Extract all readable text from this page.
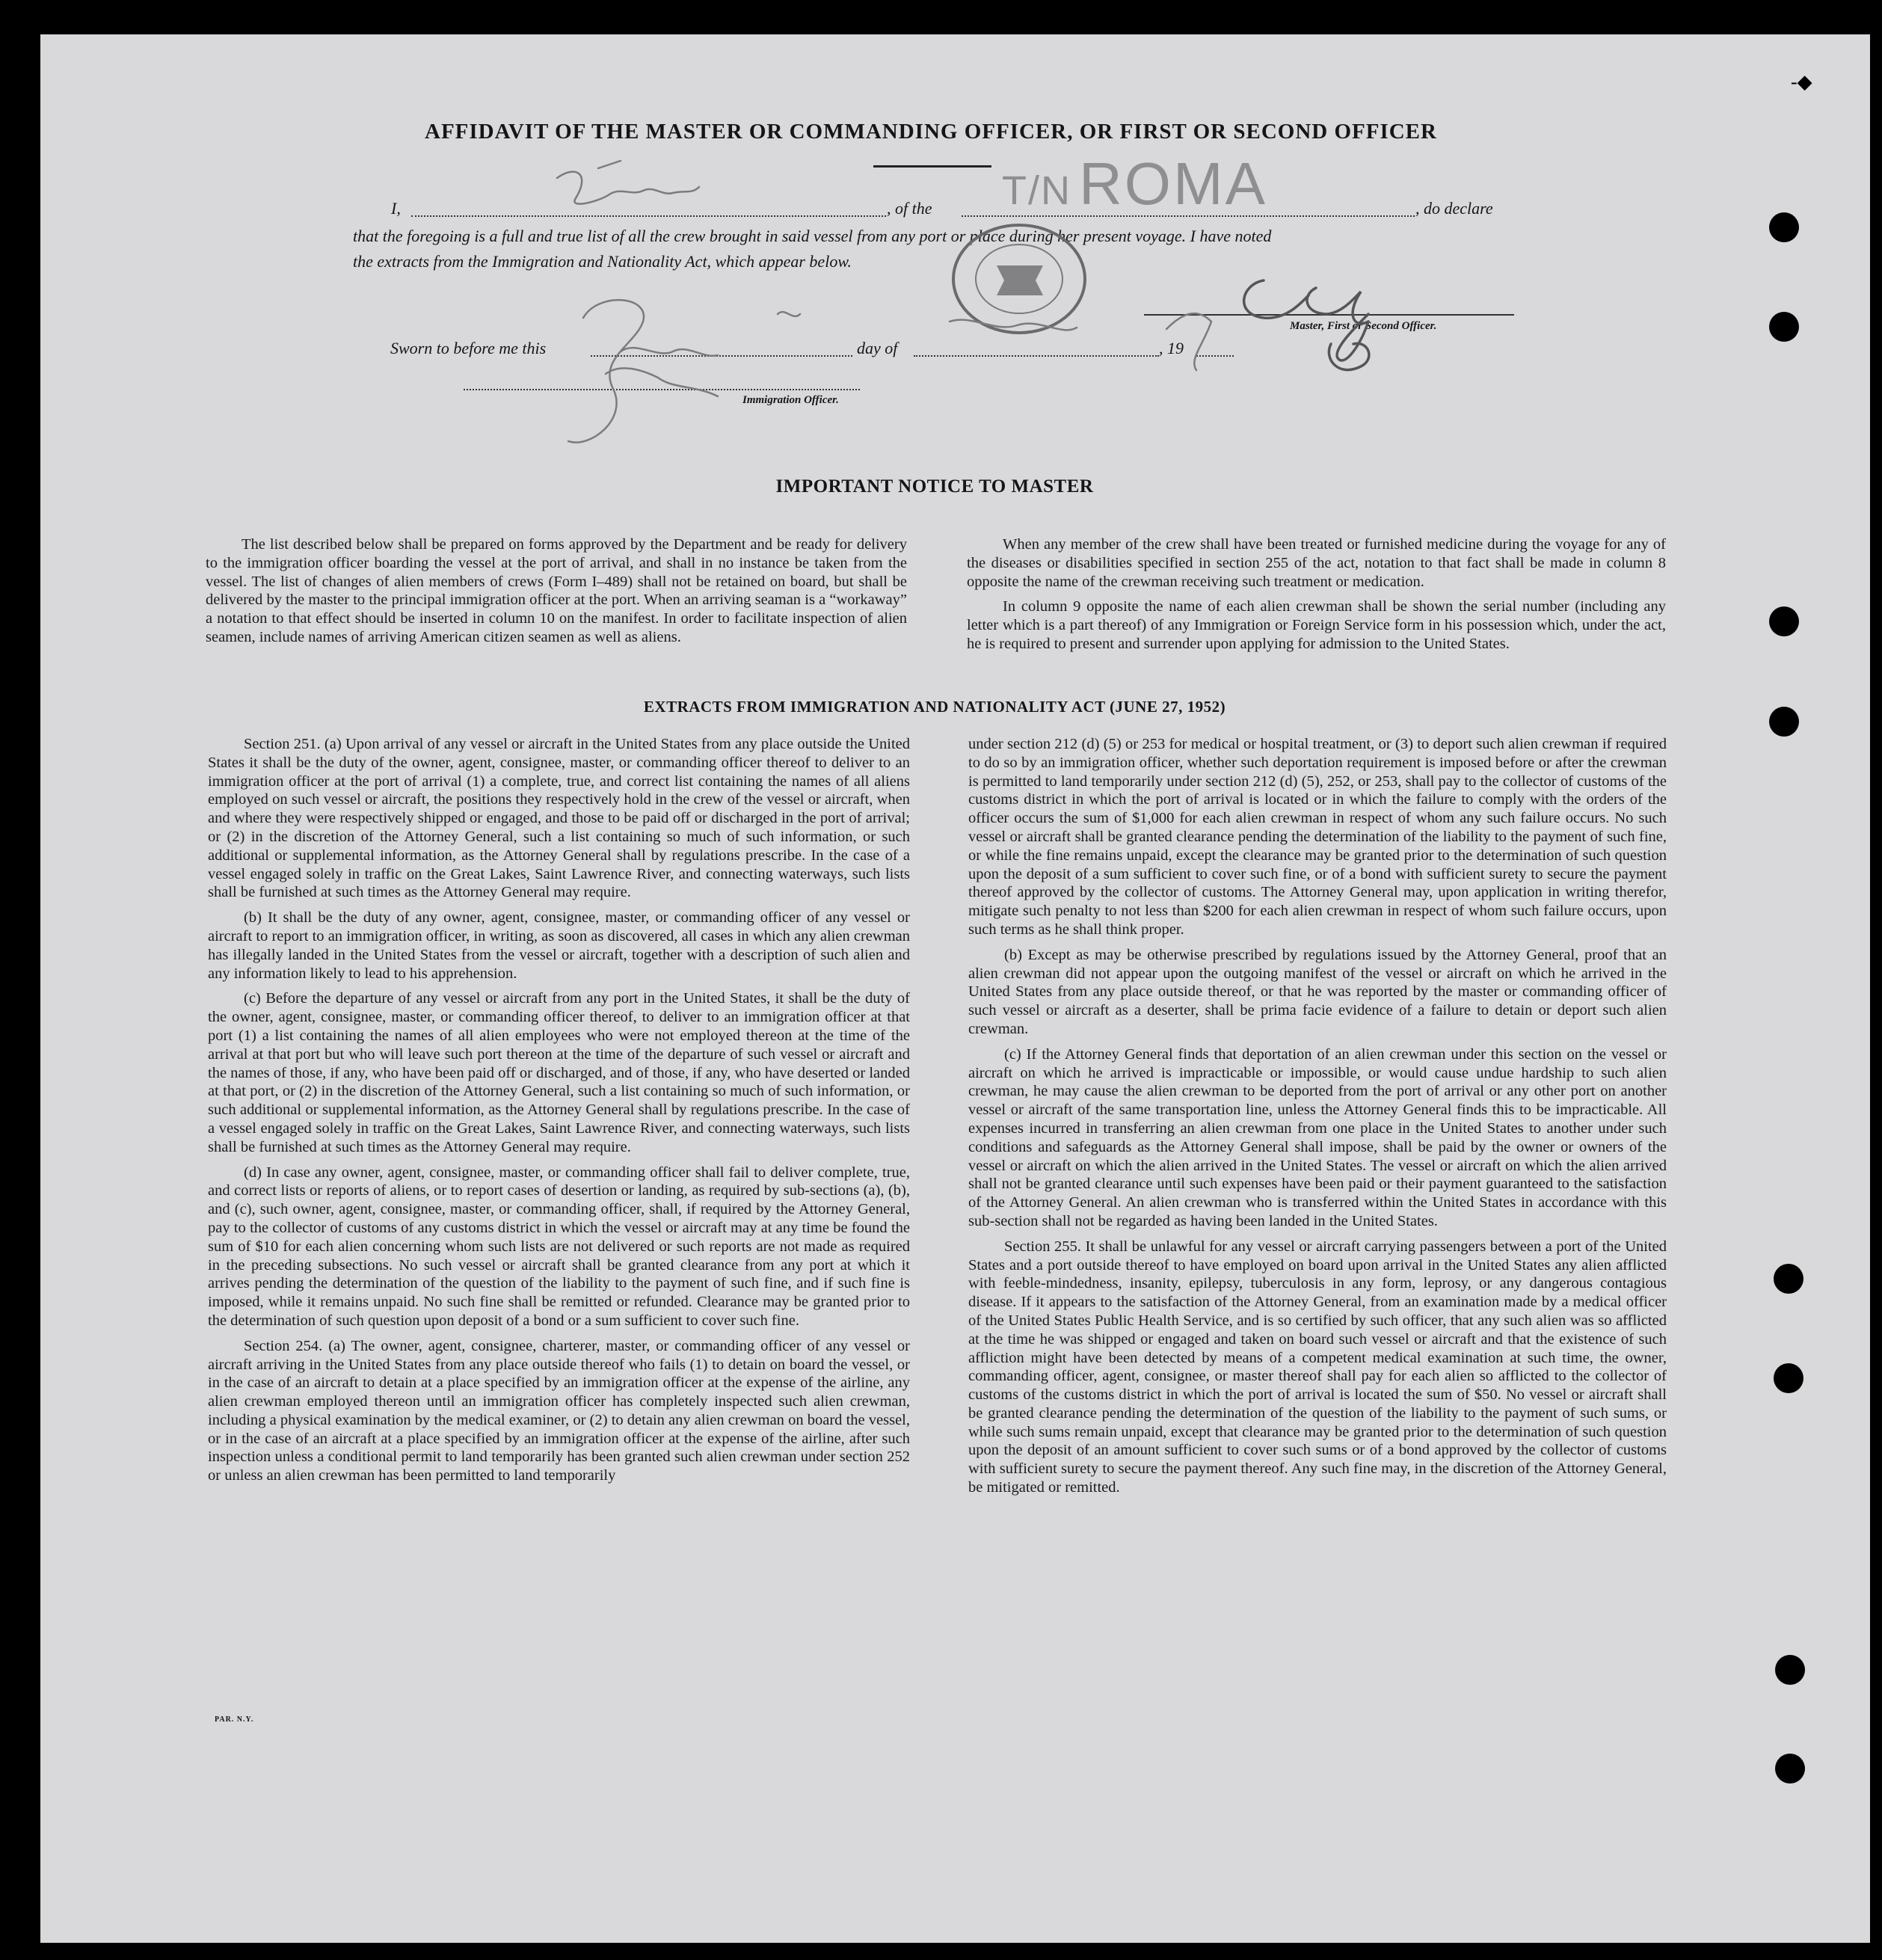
AFFIDAVIT OF THE MASTER OR COMMANDING OFFICER, OR FIRST OR SECOND OFFICER
I,	, of the	, do declare
T/N ROMA
that the foregoing is a full and true list of all the crew brought in said vessel from any port or place during her present voyage. I have noted
the extracts from the Immigration and Nationality Act, which appear below.
Master, First or Second Officer.
Sworn to before me this	day of	, 19
Immigration Officer.
IMPORTANT NOTICE TO MASTER

The list described below shall be prepared on forms approved by the Department and be ready for delivery to the immigration officer boarding the vessel at the port of arrival, and shall in no instance be taken from the vessel. The list of changes of alien members of crews (Form I–489) shall not be retained on board, but shall be delivered by the master to the principal immigration officer at the port. When an arriving seaman is a “workaway” a notation to that effect should be inserted in column 10 on the manifest. In order to facilitate inspection of alien seamen, include names of arriving American citizen seamen as well as aliens.

When any member of the crew shall have been treated or furnished medicine during the voyage for any of the diseases or disabilities specified in section 255 of the act, notation to that fact shall be made in column 8 opposite the name of the crewman receiving such treatment or medication.

In column 9 opposite the name of each alien crewman shall be shown the serial number (including any letter which is a part thereof) of any Immigration or Foreign Service form in his possession which, under the act, he is required to present and surrender upon applying for admission to the United States.

EXTRACTS FROM IMMIGRATION AND NATIONALITY ACT (JUNE 27, 1952)

Section 251. (a) Upon arrival of any vessel or aircraft in the United States from any place outside the United States it shall be the duty of the owner, agent, consignee, master, or commanding officer thereof to deliver to an immigration officer at the port of arrival (1) a complete, true, and correct list containing the names of all aliens employed on such vessel or aircraft, the positions they respectively hold in the crew of the vessel or aircraft, when and where they were respectively shipped or engaged, and those to be paid off or discharged in the port of arrival; or (2) in the discretion of the Attorney General, such a list containing so much of such information, or such additional or supplemental information, as the Attorney General shall by regulations prescribe. In the case of a vessel engaged solely in traffic on the Great Lakes, Saint Lawrence River, and connecting waterways, such lists shall be furnished at such times as the Attorney General may require.

(b) It shall be the duty of any owner, agent, consignee, master, or commanding officer of any vessel or aircraft to report to an immigration officer, in writing, as soon as discovered, all cases in which any alien crewman has illegally landed in the United States from the vessel or aircraft, together with a description of such alien and any information likely to lead to his apprehension.

(c) Before the departure of any vessel or aircraft from any port in the United States, it shall be the duty of the owner, agent, consignee, master, or commanding officer thereof, to deliver to an immigration officer at that port (1) a list containing the names of all alien employees who were not employed thereon at the time of the arrival at that port but who will leave such port thereon at the time of the departure of such vessel or aircraft and the names of those, if any, who have been paid off or discharged, and of those, if any, who have deserted or landed at that port, or (2) in the discretion of the Attorney General, such a list containing so much of such information, or such additional or supplemental information, as the Attorney General shall by regulations prescribe. In the case of a vessel engaged solely in traffic on the Great Lakes, Saint Lawrence River, and connecting waterways, such lists shall be furnished at such times as the Attorney General may require.

(d) In case any owner, agent, consignee, master, or commanding officer shall fail to deliver complete, true, and correct lists or reports of aliens, or to report cases of desertion or landing, as required by sub-sections (a), (b), and (c), such owner, agent, consignee, master, or commanding officer, shall, if required by the Attorney General, pay to the collector of customs of any customs district in which the vessel or aircraft may at any time be found the sum of $10 for each alien concerning whom such lists are not delivered or such reports are not made as required in the preceding subsections. No such vessel or aircraft shall be granted clearance from any port at which it arrives pending the determination of the question of the liability to the payment of such fine, and if such fine is imposed, while it remains unpaid. No such fine shall be remitted or refunded. Clearance may be granted prior to the determination of such question upon deposit of a bond or a sum sufficient to cover such fine.

Section 254. (a) The owner, agent, consignee, charterer, master, or commanding officer of any vessel or aircraft arriving in the United States from any place outside thereof who fails (1) to detain on board the vessel, or in the case of an aircraft to detain at a place specified by an immigration officer at the expense of the airline, any alien crewman employed thereon until an immigration officer has completely inspected such alien crewman, including a physical examination by the medical examiner, or (2) to detain any alien crewman on board the vessel, or in the case of an aircraft at a place specified by an immigration officer at the expense of the airline, after such inspection unless a conditional permit to land temporarily has been granted such alien crewman under section 252 or unless an alien crewman has been permitted to land temporarily

under section 212 (d) (5) or 253 for medical or hospital treatment, or (3) to deport such alien crewman if required to do so by an immigration officer, whether such deportation requirement is imposed before or after the crewman is permitted to land temporarily under section 212 (d) (5), 252, or 253, shall pay to the collector of customs of the customs district in which the port of arrival is located or in which the failure to comply with the orders of the officer occurs the sum of $1,000 for each alien crewman in respect of whom any such failure occurs. No such vessel or aircraft shall be granted clearance pending the determination of the liability to the payment of such fine, or while the fine remains unpaid, except the clearance may be granted prior to the determination of such question upon the deposit of a sum sufficient to cover such fine, or of a bond with sufficient surety to secure the payment thereof approved by the collector of customs. The Attorney General may, upon application in writing therefor, mitigate such penalty to not less than $200 for each alien crewman in respect of whom such failure occurs, upon such terms as he shall think proper.

(b) Except as may be otherwise prescribed by regulations issued by the Attorney General, proof that an alien crewman did not appear upon the outgoing manifest of the vessel or aircraft on which he arrived in the United States from any place outside thereof, or that he was reported by the master or commanding officer of such vessel or aircraft as a deserter, shall be prima facie evidence of a failure to detain or deport such alien crewman.

(c) If the Attorney General finds that deportation of an alien crewman under this section on the vessel or aircraft on which he arrived is impracticable or impossible, or would cause undue hardship to such alien crewman, he may cause the alien crewman to be deported from the port of arrival or any other port on another vessel or aircraft of the same transportation line, unless the Attorney General finds this to be impracticable. All expenses incurred in transferring an alien crewman from one place in the United States to another under such conditions and safeguards as the Attorney General shall impose, shall be paid by the owner or owners of the vessel or aircraft on which the alien arrived in the United States. The vessel or aircraft on which the alien arrived shall not be granted clearance until such expenses have been paid or their payment guaranteed to the satisfaction of the Attorney General. An alien crewman who is transferred within the United States in accordance with this sub-section shall not be regarded as having been landed in the United States.

Section 255. It shall be unlawful for any vessel or aircraft carrying passengers between a port of the United States and a port outside thereof to have employed on board upon arrival in the United States any alien afflicted with feeble-mindedness, insanity, epilepsy, tuberculosis in any form, leprosy, or any dangerous contagious disease. If it appears to the satisfaction of the Attorney General, from an examination made by a medical officer of the United States Public Health Service, and is so certified by such officer, that any such alien was so afflicted at the time he was shipped or engaged and taken on board such vessel or aircraft and that the existence of such affliction might have been detected by means of a competent medical examination at such time, the owner, commanding officer, agent, consignee, or master thereof shall pay for each alien so afflicted to the collector of customs of the customs district in which the port of arrival is located the sum of $50. No vessel or aircraft shall be granted clearance pending the determination of the question of the liability to the payment of such sums, or while such sums remain unpaid, except that clearance may be granted prior to the determination of such question upon the deposit of an amount sufficient to cover such sums or of a bond approved by the collector of customs with sufficient surety to secure the payment thereof. Any such fine may, in the discretion of the Attorney General, be mitigated or remitted.

PAR. N.Y.
‐◆
